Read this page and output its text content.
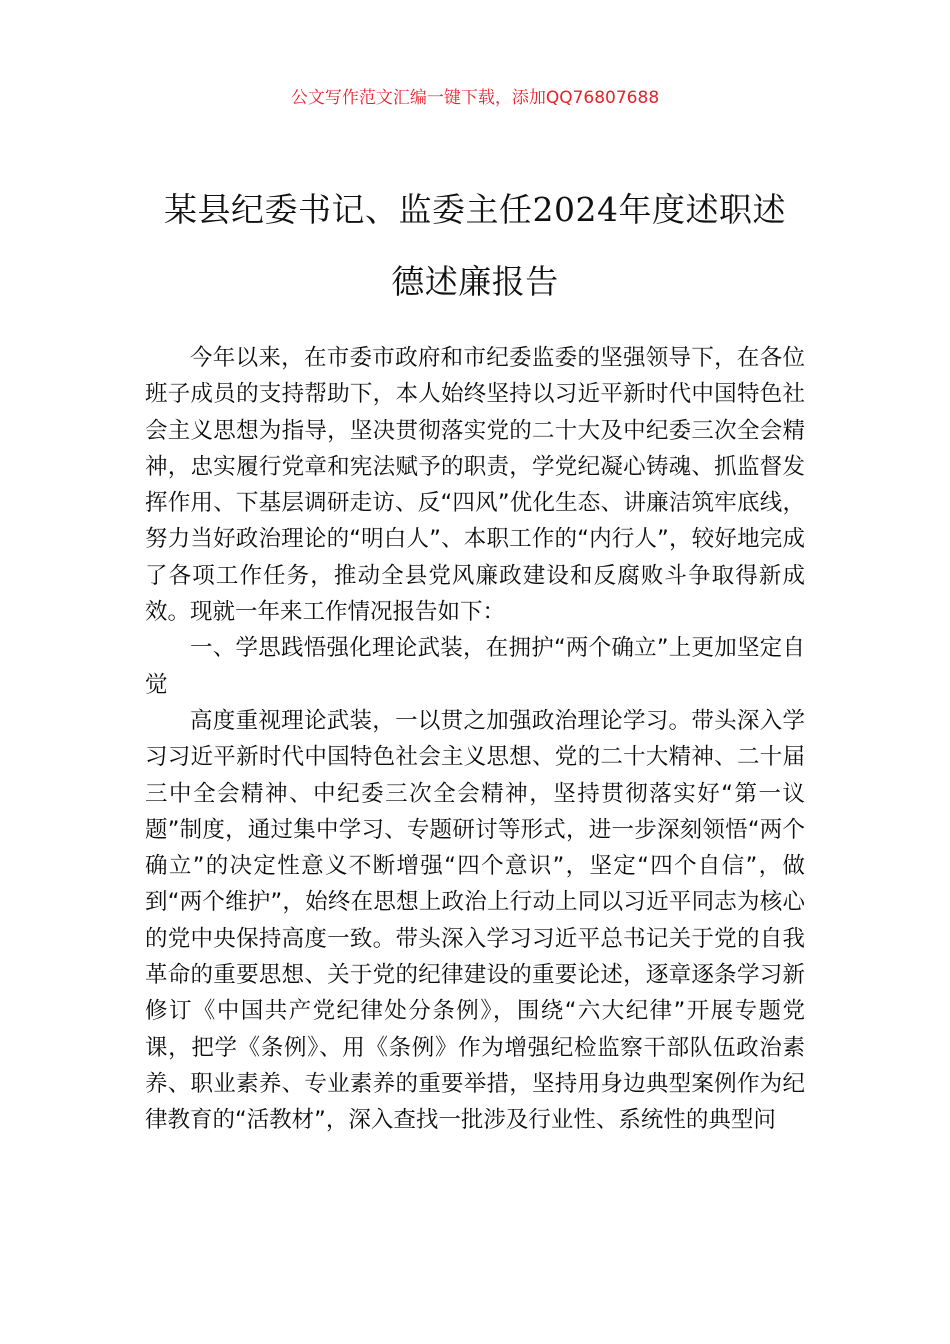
公文写作范文汇编一键下载，添加QQ76807688
某县纪委书记、监委主任2024年度述职述
德述廉报告

今年以来，在市委市政府和市纪委监委的坚强领导下，在各位班子成员的支持帮助下，本人始终坚持以习近平新时代中国特色社会主义思想为指导，坚决贯彻落实党的二十大及中纪委三次全会精神，忠实履行党章和宪法赋予的职责，学党纪凝心铸魂、抓监督发挥作用、下基层调研走访、反“四风”优化生态、讲廉洁筑牢底线，努力当好政治理论的“明白人”、本职工作的“内行人”，较好地完成了各项工作任务，推动全县党风廉政建设和反腐败斗争取得新成效。现就一年来工作情况报告如下：

一、学思践悟强化理论武装，在拥护“两个确立”上更加坚定自觉

高度重视理论武装，一以贯之加强政治理论学习。带头深入学习习近平新时代中国特色社会主义思想、党的二十大精神、二十届三中全会精神、中纪委三次全会精神，坚持贯彻落实好“第一议题”制度，通过集中学习、专题研讨等形式，进一步深刻领悟“两个确立”的决定性意义不断增强“四个意识”，坚定“四个自信”，做到“两个维护”，始终在思想上政治上行动上同以习近平同志为核心的党中央保持高度一致。带头深入学习习近平总书记关于党的自我革命的重要思想、关于党的纪律建设的重要论述，逐章逐条学习新修订《中国共产党纪律处分条例》，围绕“六大纪律”开展专题党课，把学《条例》、用《条例》作为增强纪检监察干部队伍政治素养、职业素养、专业素养的重要举措，坚持用身边典型案例作为纪律教育的“活教材”，深入查找一批涉及行业性、系统性的典型问
